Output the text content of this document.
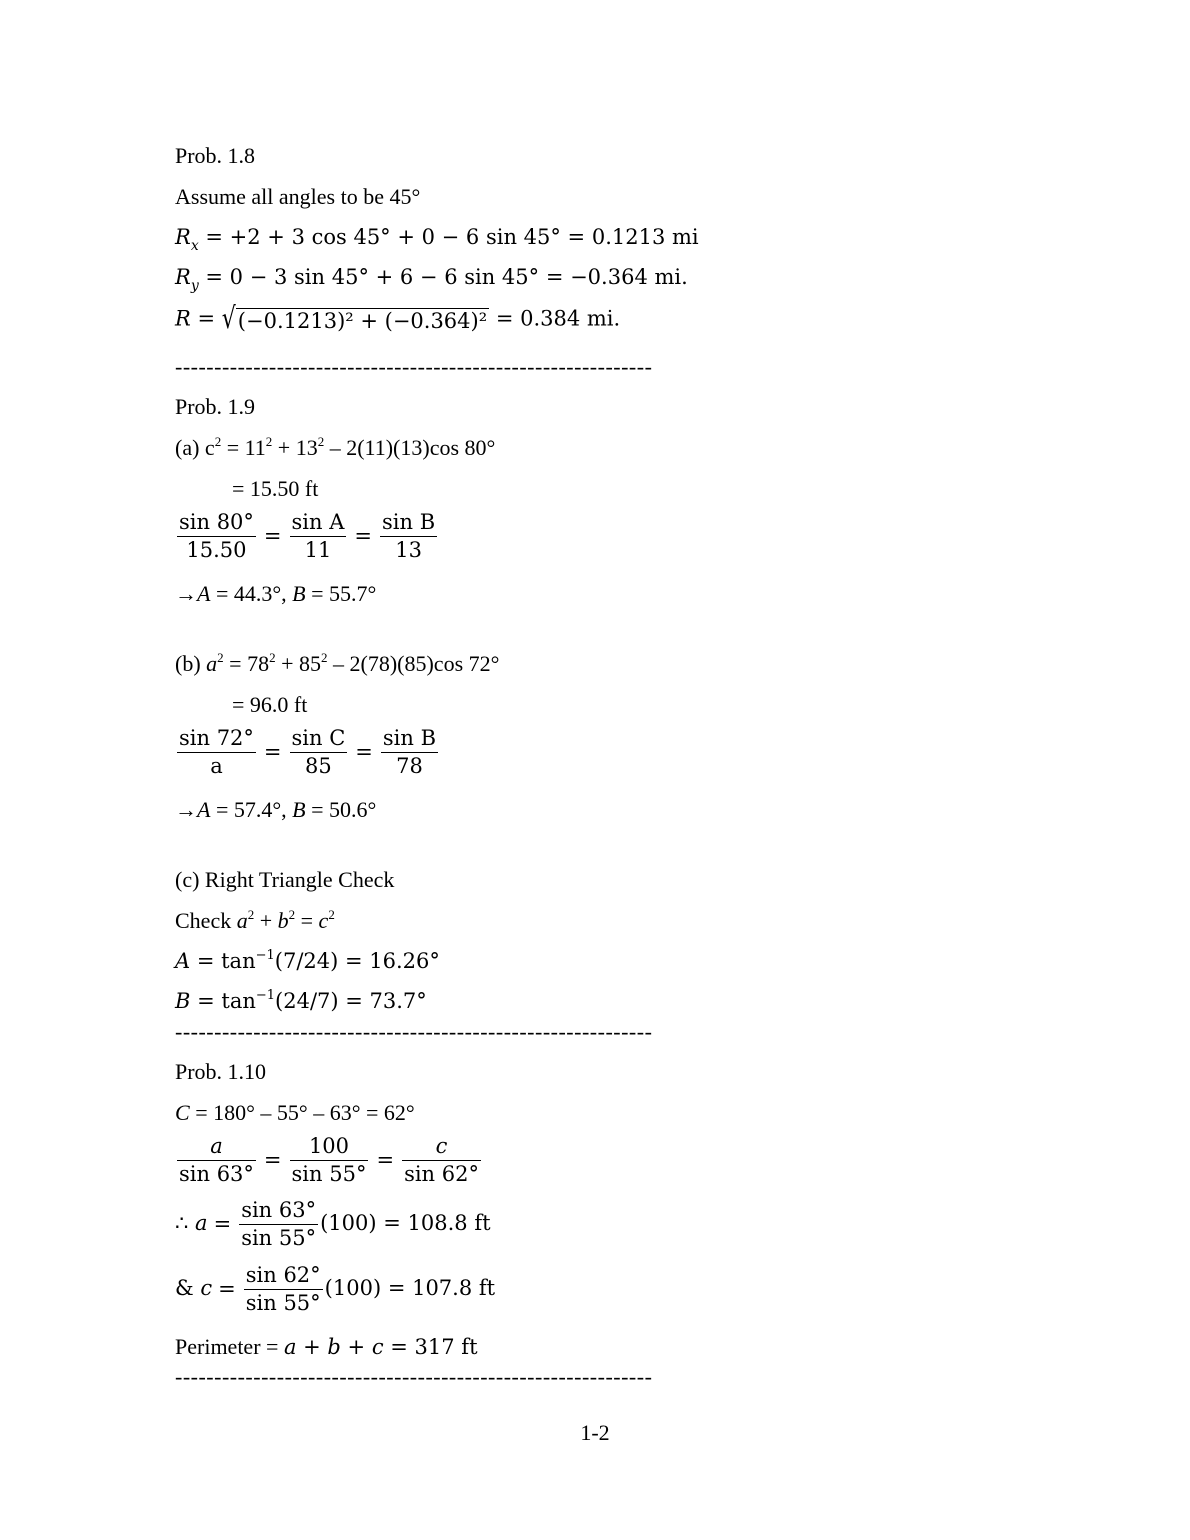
Prob. 1.8
Assume all angles to be 45°
$R_x = +2 + 3$ cos 45° + 0 − 6 sin 45° = 0.1213 mi
$R_y = 0 - 3$ sin 45° + 6 − 6 sin 45° = −0.364 mi.
R = √(−0.1213)² + (−0.364)² = 0.384 mi.
-------------------------------------------------------------
Prob. 1.9
(a) $c^2 = 11^2 + 13^2 - 2(11)(13)\cos$ 80°
= 15.50 ft
$\frac{\sin 80^\circ}{15.50} = \frac{\text{sin A}}{11} = \frac{\text{sin B}}{13}$
→A = 44.3°, B = 55.7°
(b) $a^2 = 78^2 + 85^2 - 2(78)(85)\cos$ 72°
= 96.0 ft
$\frac{\sin 72^\circ}{a} = \frac{\text{sin C}}{85} = \frac{\text{sin B}}{78}$
→A = 57.4°, B = 50.6°
(c) Right Triangle Check
Check $a^2 + b^2 = c^2$
$A = \tan^{-1}(7/24) = 16.26^\circ$
$B = \tan^{-1}(24/7) = 73.7^\circ$
-------------------------------------------------------------
Prob. 1.10
C = 180° – 55° – 63° = 62°
$\frac{a}{\sin 63^\circ} = \frac{100}{\sin 55^\circ} = \frac{c}{\sin 62^\circ}$
∴ $a = \frac{\sin 63^\circ}{\sin 55^\circ} (100) = 108.8$ ft
& $c = \frac{\sin 62^\circ}{\sin 55^\circ} (100) = 107.8$ ft
Perimeter = a + b + c = 317 ft
-------------------------------------------------------------
1-2
